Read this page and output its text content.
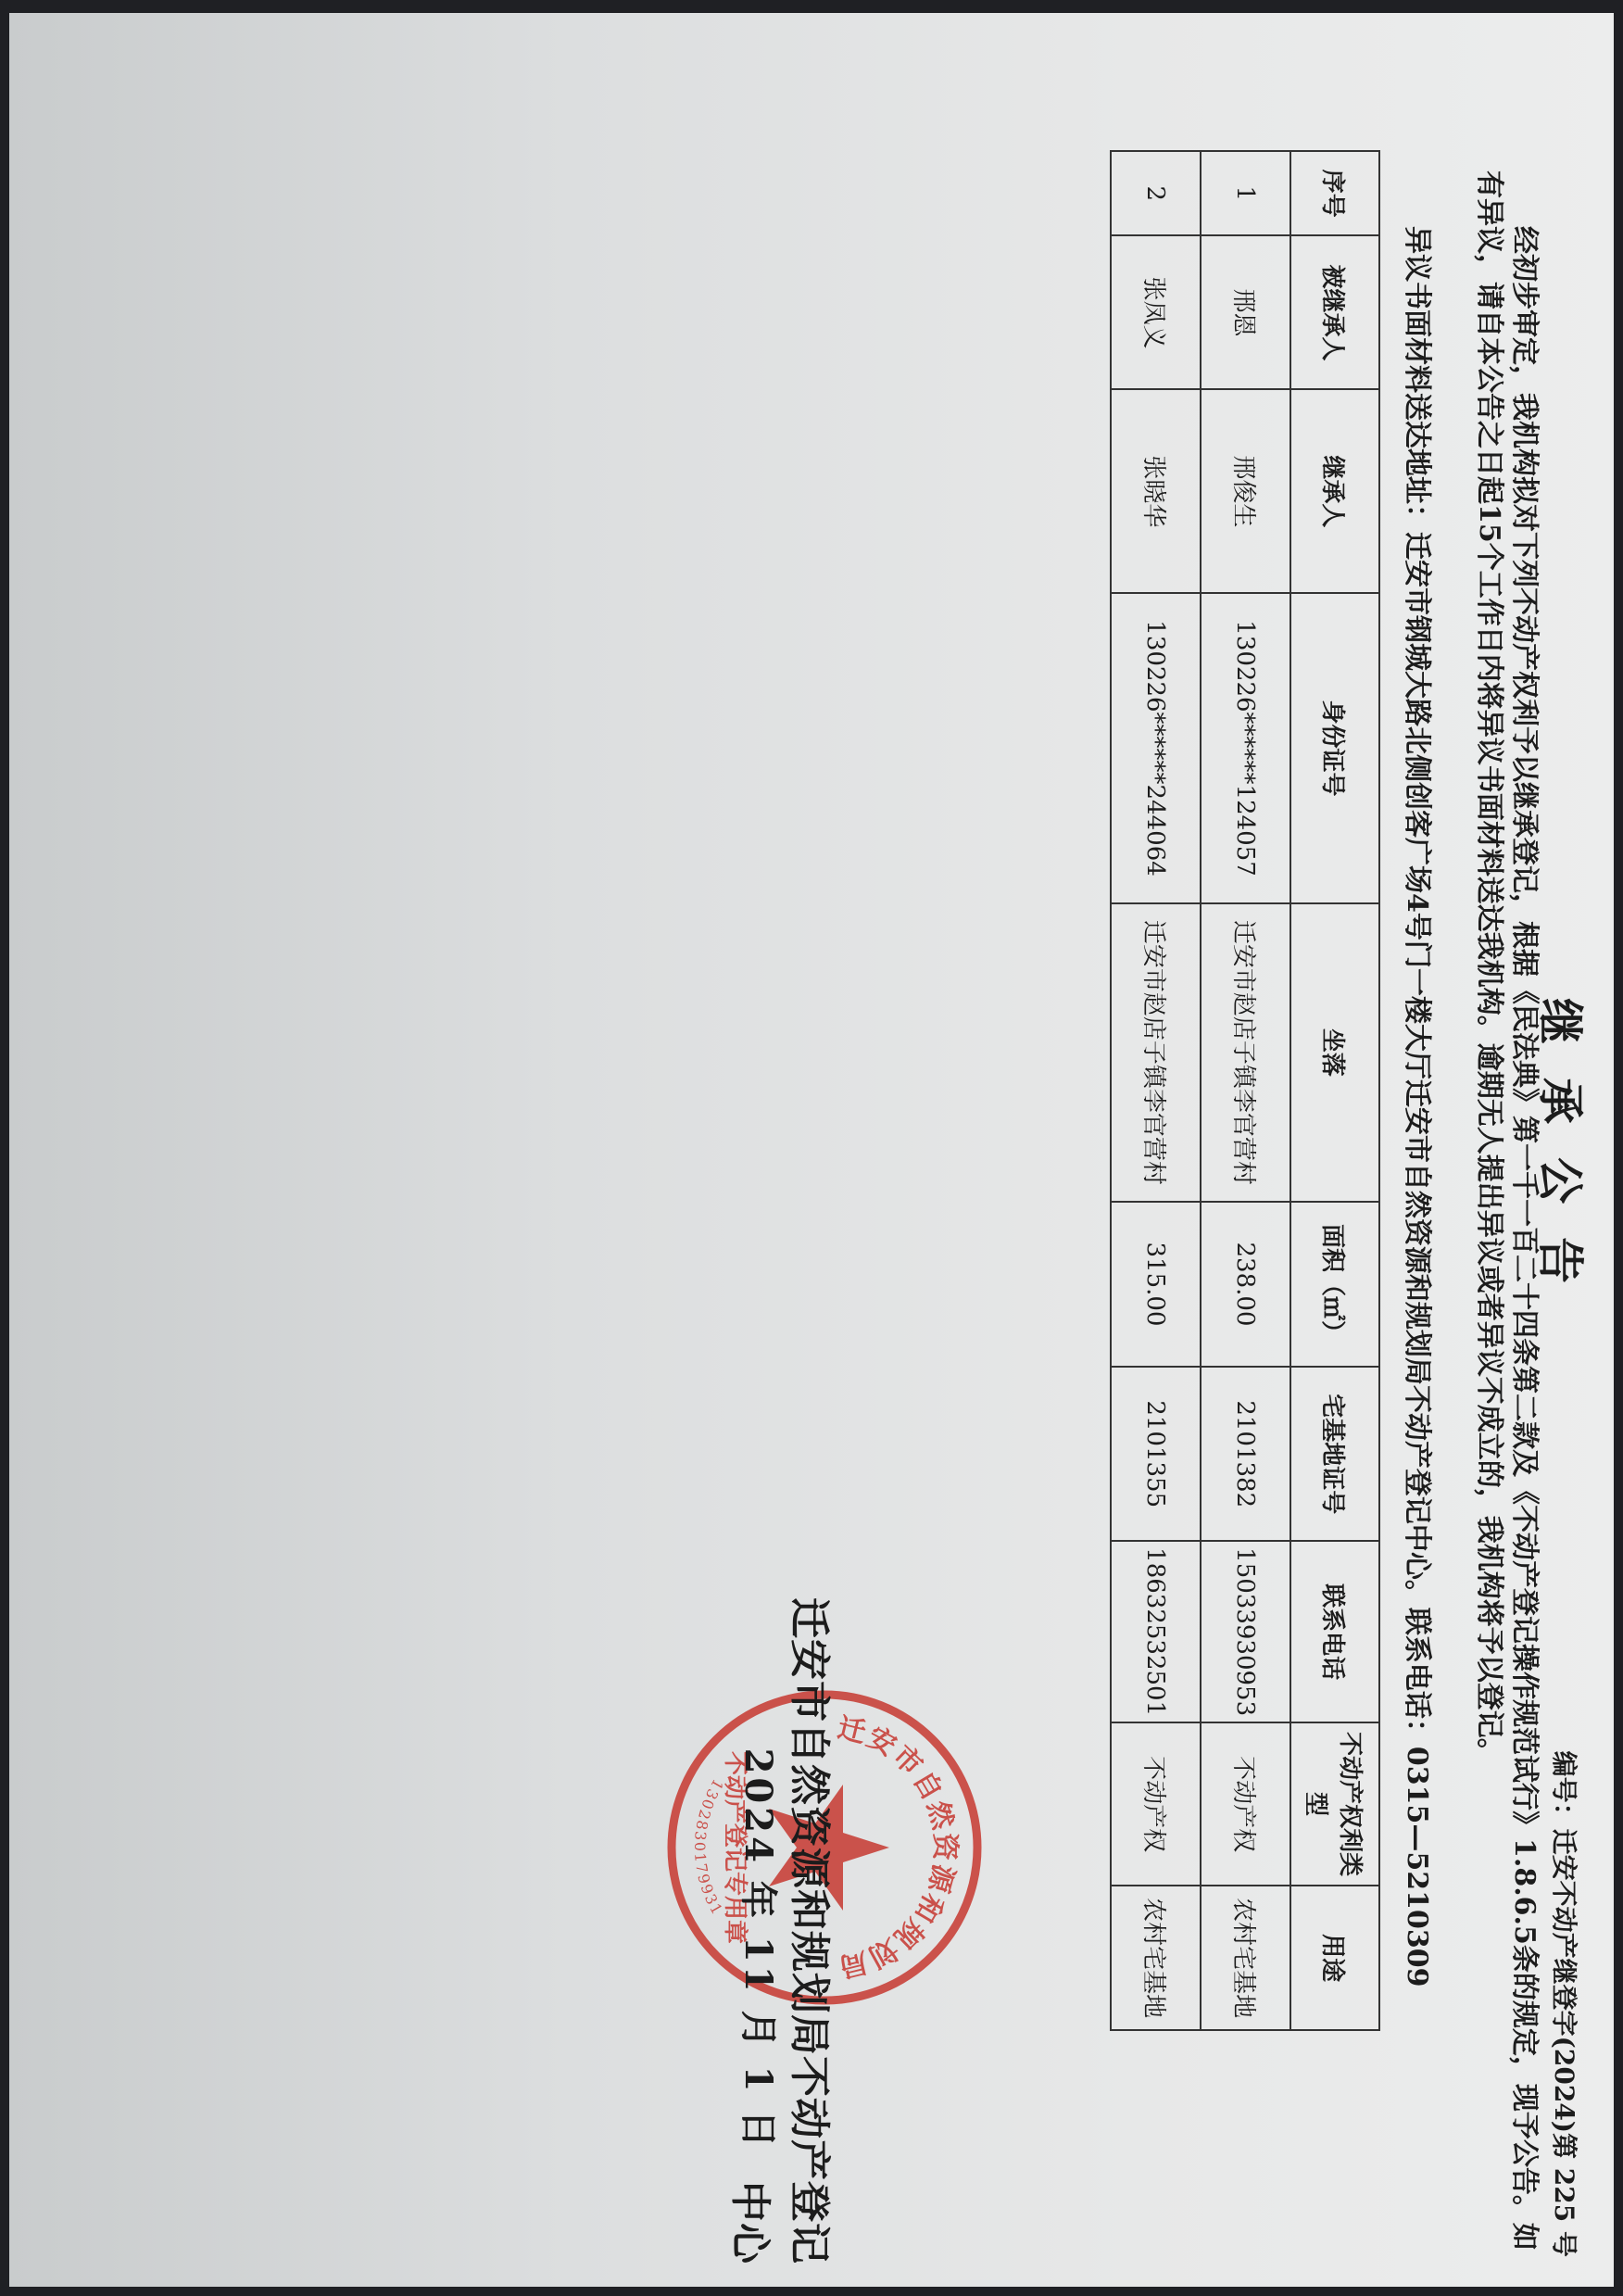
继承公告
编号：迁安不动产继登字(2024)第 225 号
经初步审定，我机构拟对下列不动产权利予以继承登记，根据《民法典》第一千一百二十四条第二款及《不动产登记操作规范试行》1.8.6.5条的规定，现予公告。如有异议，请自本公告之日起15个工作日内将异议书面材料送达我机构。逾期无人提出异议或者异议不成立的，我机构将予以登记。
异议书面材料送达地址：迁安市钢城大路北侧创客广场4号门一楼大厅迁安市自然资源和规划局不动产登记中心。联系电话：0315—5210309
序号	被继承人	继承人	身份证号	坐落	面积（㎡）	宅基地证号	联系电话	不动产权利类型	用途
1	邢恩	邢俊生	130226******124057	迁安市赵店子镇李官营村	238.00	2101382	15033930953	不动产权	农村宅基地
2	张凤义	张晓华	130226******244064	迁安市赵店子镇李官营村	315.00	2101355	18632532501	不动产权	农村宅基地
迁安市自然资源和规划局
不动产登记专用章
1302830179931	迁安市自然资源和规划局不动产登记中心
2024年11月1日
